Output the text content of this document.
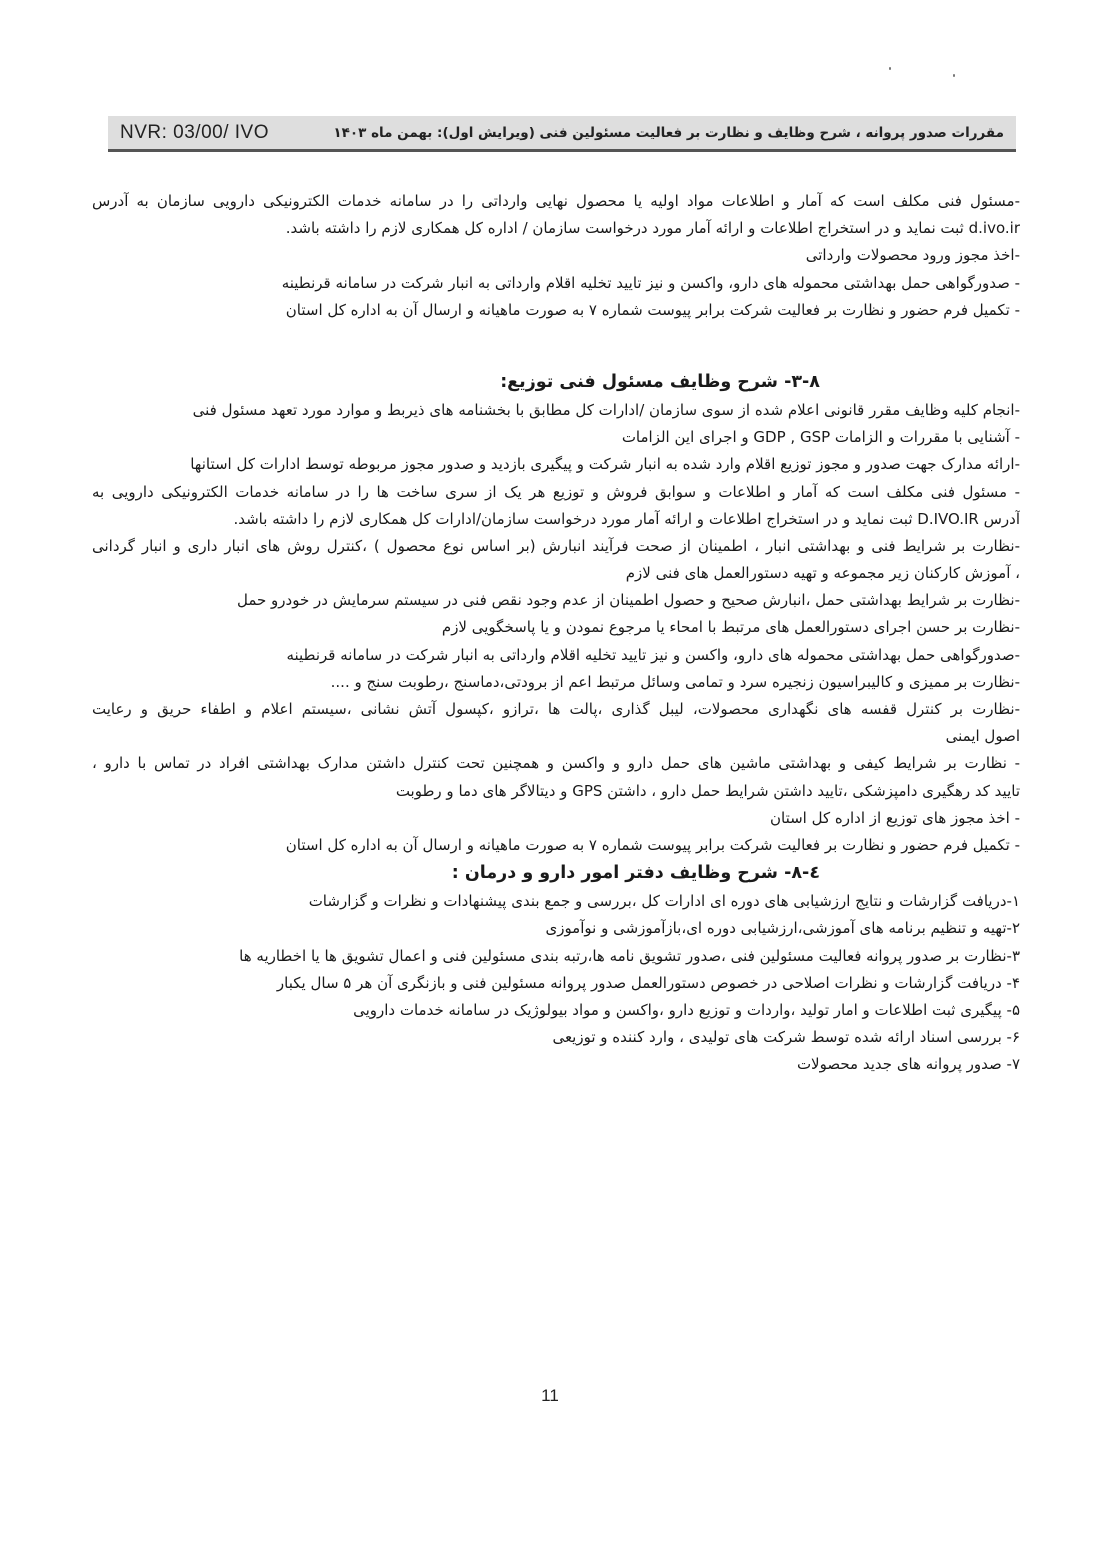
NVR: 03/00/ IVO	مقررات صدور پروانه ، شرح وظایف و نظارت بر فعالیت مسئولین فنی (ویرایش اول): بهمن ماه ۱۴۰۳
-مسئول فنی مکلف است که آمار و اطلاعات مواد اولیه یا محصول نهایی وارداتی را در سامانه خدمات الکترونیکی دارویی سازمان به آدرس
d.ivo.ir ثبت نماید و در استخراج اطلاعات و ارائه آمار مورد درخواست سازمان / اداره کل همکاری لازم را داشته باشد.
-اخذ مجوز ورود محصولات وارداتی
- صدورگواهی حمل بهداشتی محموله های دارو، واکسن و نیز تایید تخلیه اقلام وارداتی به انبار شرکت در سامانه قرنطینه
- تکمیل فرم حضور و نظارت بر فعالیت شرکت برابر پیوست شماره ۷ به صورت ماهیانه و ارسال آن به اداره کل استان
۳-۸- شرح وظایف مسئول فنی توزیع:
-انجام کلیه وظایف مقرر قانونی اعلام شده از سوی سازمان /ادارات کل مطابق با بخشنامه های ذیربط و موارد مورد تعهد مسئول فنی
- آشنایی با مقررات و الزامات GDP , GSP و اجرای این الزامات
-ارائه مدارک جهت صدور و مجوز توزیع اقلام وارد شده به انبار شرکت و پیگیری بازدید و صدور مجوز مربوطه توسط ادارات کل استانها
- مسئول فنی مکلف است که آمار و اطلاعات و سوابق فروش و توزیع هر یک از سری ساخت ها را در سامانه خدمات الکترونیکی دارویی به
آدرس D.IVO.IR ثبت نماید و در استخراج اطلاعات و ارائه آمار مورد درخواست سازمان/ادارات کل همکاری لازم را داشته باشد.
-نظارت بر شرایط فنی و بهداشتی انبار ، اطمینان از صحت فرآیند انبارش (بر اساس نوع محصول ) ،کنترل روش های انبار داری و انبار گردانی
، آموزش کارکنان زیر مجموعه و تهیه دستورالعمل های فنی لازم
-نظارت بر شرایط بهداشتی حمل ،انبارش صحیح و حصول اطمینان از عدم وجود نقص فنی در سیستم سرمایش در خودرو حمل
-نظارت بر حسن اجرای دستورالعمل های مرتبط با امحاء یا مرجوع نمودن و یا پاسخگویی لازم
-صدورگواهی حمل بهداشتی محموله های دارو، واکسن و نیز تایید تخلیه اقلام وارداتی به انبار شرکت در سامانه قرنطینه
-نظارت بر ممیزی و کالیبراسیون زنجیره سرد و تمامی وسائل مرتبط اعم از برودتی،دماسنج ،رطوبت سنج و ....
-نظارت بر کنترل قفسه های نگهداری محصولات، لیبل گذاری ،پالت ها ،ترازو ،کپسول آتش نشانی ،سیستم اعلام و اطفاء حریق و رعایت
اصول ایمنی
- نظارت بر شرایط کیفی و بهداشتی ماشین های حمل دارو و واکسن و همچنین تحت کنترل داشتن مدارک بهداشتی افراد در تماس با دارو ،
تایید کد رهگیری دامپزشکی ،تایید داشتن شرایط حمل دارو ، داشتن GPS و دیتالاگر های دما و رطوبت
- اخذ مجوز های توزیع از اداره کل استان
- تکمیل فرم حضور و نظارت بر فعالیت شرکت برابر پیوست شماره ۷ به صورت ماهیانه و ارسال آن به اداره کل استان
٤-٨- شرح وظایف دفتر امور دارو و درمان :
۱-دریافت گزارشات و نتایج ارزشیابی های دوره ای ادارات کل ،بررسی و جمع بندی پیشنهادات و نظرات و گزارشات
۲-تهیه و تنظیم برنامه های آموزشی،ارزشیابی دوره ای،بازآموزشی و نوآموزی
۳-نظارت بر صدور پروانه فعالیت مسئولین فنی ،صدور تشویق نامه ها،رتبه بندی مسئولین فنی و اعمال تشویق ها یا اخطاریه ها
۴- دریافت گزارشات و نظرات اصلاحی در خصوص دستورالعمل صدور پروانه مسئولین فنی و بازنگری آن هر ۵ سال یکبار
۵- پیگیری ثبت اطلاعات و امار تولید ،واردات و توزیع دارو ،واکسن و مواد بیولوژیک در سامانه خدمات دارویی
۶- بررسی اسناد ارائه شده توسط شرکت های تولیدی ، وارد کننده و توزیعی
۷- صدور پروانه های جدید محصولات
11
